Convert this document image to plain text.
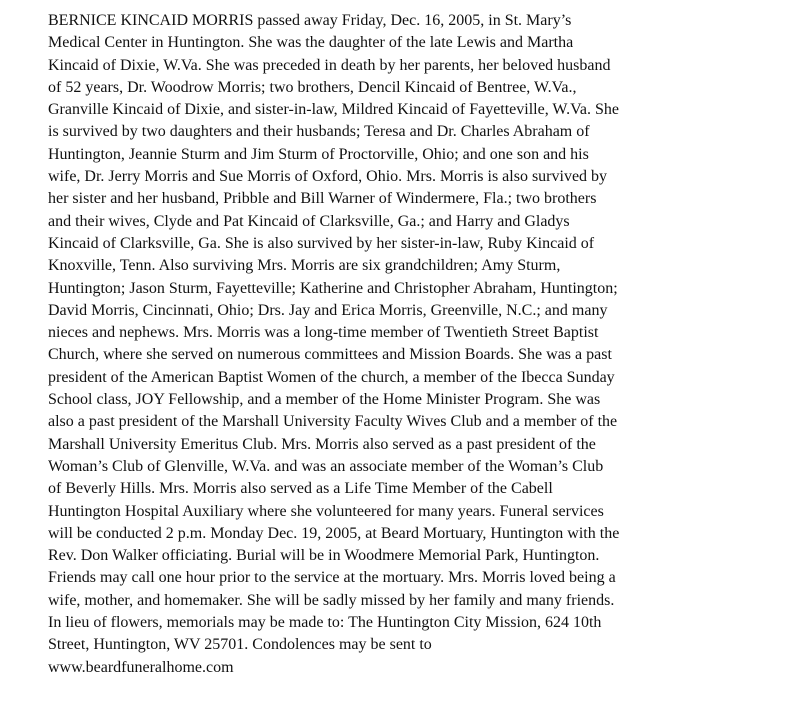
BERNICE KINCAID MORRIS passed away Friday, Dec. 16, 2005, in St. Mary’s
Medical Center in Huntington. She was the daughter of the late Lewis and Martha
Kincaid of Dixie, W.Va. She was preceded in death by her parents, her beloved husband
of 52 years, Dr. Woodrow Morris; two brothers, Dencil Kincaid of Bentree, W.Va.,
Granville Kincaid of Dixie, and sister-in-law, Mildred Kincaid of Fayetteville, W.Va. She
is survived by two daughters and their husbands; Teresa and Dr. Charles Abraham of
Huntington, Jeannie Sturm and Jim Sturm of Proctorville, Ohio; and one son and his
wife, Dr. Jerry Morris and Sue Morris of Oxford, Ohio. Mrs. Morris is also survived by
her sister and her husband, Pribble and Bill Warner of Windermere, Fla.; two brothers
and their wives, Clyde and Pat Kincaid of Clarksville, Ga.; and Harry and Gladys
Kincaid of Clarksville, Ga. She is also survived by her sister-in-law, Ruby Kincaid of
Knoxville, Tenn. Also surviving Mrs. Morris are six grandchildren; Amy Sturm,
Huntington; Jason Sturm, Fayetteville; Katherine and Christopher Abraham, Huntington;
David Morris, Cincinnati, Ohio; Drs. Jay and Erica Morris, Greenville, N.C.; and many
nieces and nephews. Mrs. Morris was a long-time member of Twentieth Street Baptist
Church, where she served on numerous committees and Mission Boards. She was a past
president of the American Baptist Women of the church, a member of the Ibecca Sunday
School class, JOY Fellowship, and a member of the Home Minister Program. She was
also a past president of the Marshall University Faculty Wives Club and a member of the
Marshall University Emeritus Club. Mrs. Morris also served as a past president of the
Woman’s Club of Glenville, W.Va. and was an associate member of the Woman’s Club
of Beverly Hills. Mrs. Morris also served as a Life Time Member of the Cabell
Huntington Hospital Auxiliary where she volunteered for many years. Funeral services
will be conducted 2 p.m. Monday Dec. 19, 2005, at Beard Mortuary, Huntington with the
Rev. Don Walker officiating. Burial will be in Woodmere Memorial Park, Huntington.
Friends may call one hour prior to the service at the mortuary. Mrs. Morris loved being a
wife, mother, and homemaker. She will be sadly missed by her family and many friends.
In lieu of flowers, memorials may be made to: The Huntington City Mission, 624 10th
Street, Huntington, WV 25701. Condolences may be sent to
www.beardfuneralhome.com
